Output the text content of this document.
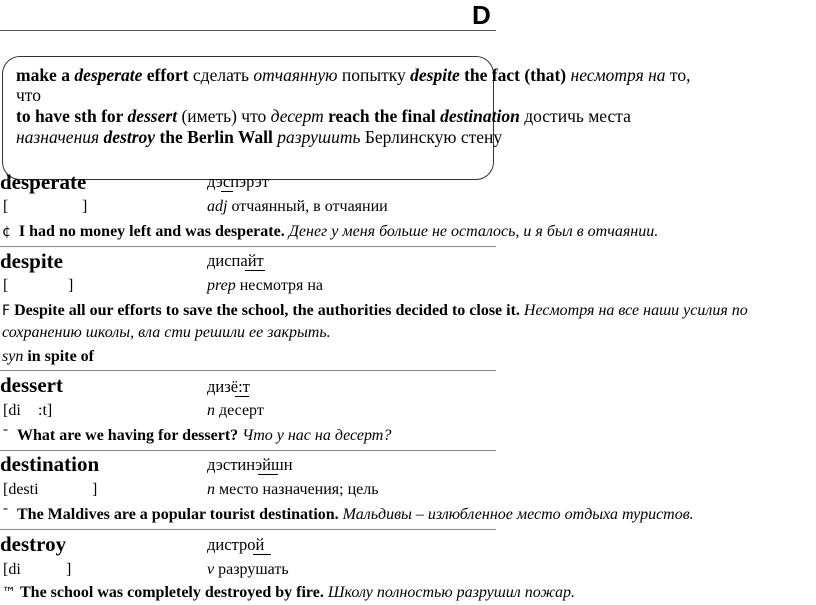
D
make a desperate effort сделать отчаянную попытку despite the fact (that) несмотря на то,
что
to have sth for dessert (иметь) что десерт reach the final destination достичь места
назначения destroy the Berlin Wall разрушить Берлинскую стену
desperate	дэспэрэт
[	]	adj отчаянный, в отчаянии
¢ I had no money left and was desperate. Денег у меня больше не осталось, и я был в отчаянии.
despite	диспайт
[	]	prep несмотря на
F Despite all our efforts to save the school, the authorities decided to close it. Несмотря на все наши усилия по
сохранению школы, вла сти решили ее закрыть.
syn in spite of
dessert	дизё:т
[di :t]	n десерт
ˉ What are we having for dessert? Что у нас на десерт?
destination	дэстинэйшн
[desti	]	n место назначения; цель
ˉ The Maldives are a popular tourist destination. Мальдивы – излюбленное место отдыха туристов.
destroy	дистрой
[di	]	v разрушать
™ The school was completely destroyed by fire. Школу полностью разрушил пожар.
